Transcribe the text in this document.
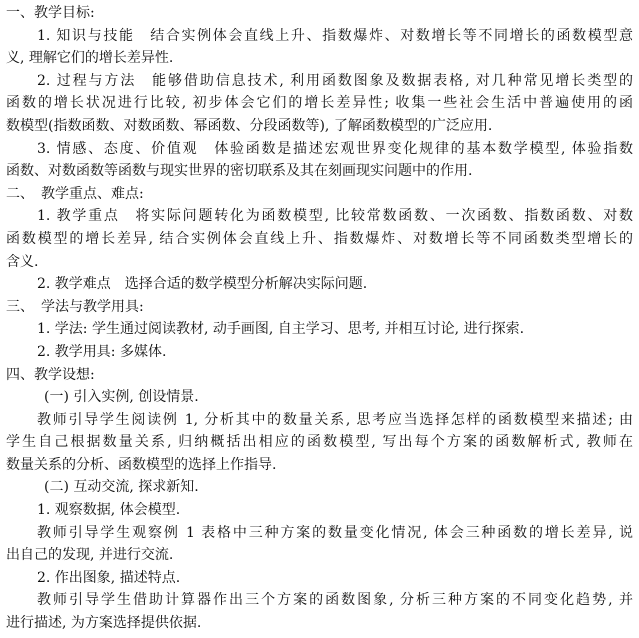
一、教学目标:
1. 知识与技能　结合实例体会直线上升、指数爆炸、对数增长等不同增长的函数模型意
义, 理解它们的增长差异性.
2. 过程与方法　能够借助信息技术, 利用函数图象及数据表格, 对几种常见增长类型的
函数的增长状况进行比较, 初步体会它们的增长差异性; 收集一些社会生活中普遍使用的函
数模型(指数函数、对数函数、幂函数、分段函数等), 了解函数模型的广泛应用.
3. 情感、态度、价值观　体验函数是描述宏观世界变化规律的基本数学模型, 体验指数
函数、对数函数等函数与现实世界的密切联系及其在刻画现实问题中的作用.
二、　教学重点、难点:
1. 教学重点　将实际问题转化为函数模型, 比较常数函数、一次函数、指数函数、对数
函数模型的增长差异, 结合实例体会直线上升、指数爆炸、对数增长等不同函数类型增长的
含义.
2. 教学难点　选择合适的数学模型分析解决实际问题.
三、　学法与教学用具:
1. 学法: 学生通过阅读教材, 动手画图, 自主学习、思考, 并相互讨论, 进行探索.
2. 教学用具: 多媒体.
四、教学设想:
(一) 引入实例, 创设情景.
教师引导学生阅读例 1, 分析其中的数量关系, 思考应当选择怎样的函数模型来描述; 由
学生自己根据数量关系, 归纳概括出相应的函数模型, 写出每个方案的函数解析式, 教师在
数量关系的分析、函数模型的选择上作指导.
(二) 互动交流, 探求新知.
1. 观察数据, 体会模型.
教师引导学生观察例 1 表格中三种方案的数量变化情况, 体会三种函数的增长差异, 说
出自己的发现, 并进行交流.
2. 作出图象, 描述特点.
教师引导学生借助计算器作出三个方案的函数图象, 分析三种方案的不同变化趋势, 并
进行描述, 为方案选择提供依据.
